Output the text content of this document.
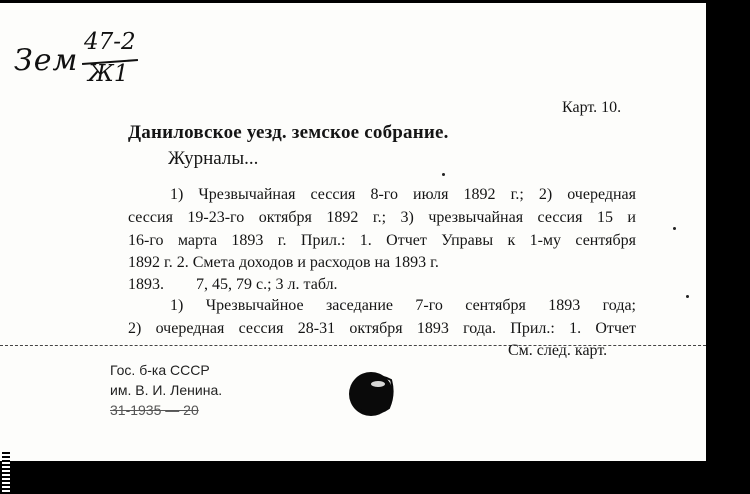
Зем
47-2
Ж1
Карт. 10.
Даниловское уезд. земское собрание.
Журналы...
1) Чрезвычайная сессия 8-го июля 1892 г.; 2) очередная
сессия 19-23-го октября 1892 г.; 3) чрезвычайная сессия 15 и
16-го марта 1893 г. Прил.: 1. Отчет Управы к 1-му сентября
1892 г. 2. Смета доходов и расходов на 1893 г.
1893.        7, 45, 79 с.; 3 л. табл.
1) Чрезвычайное заседание 7-го сентября 1893 года;
2) очередная сессия 28-31 октября 1893 года. Прил.: 1. Отчет
См. след. карт.
Гос. б-ка СССР
им. В. И. Ленина.
31-1935 — 20
